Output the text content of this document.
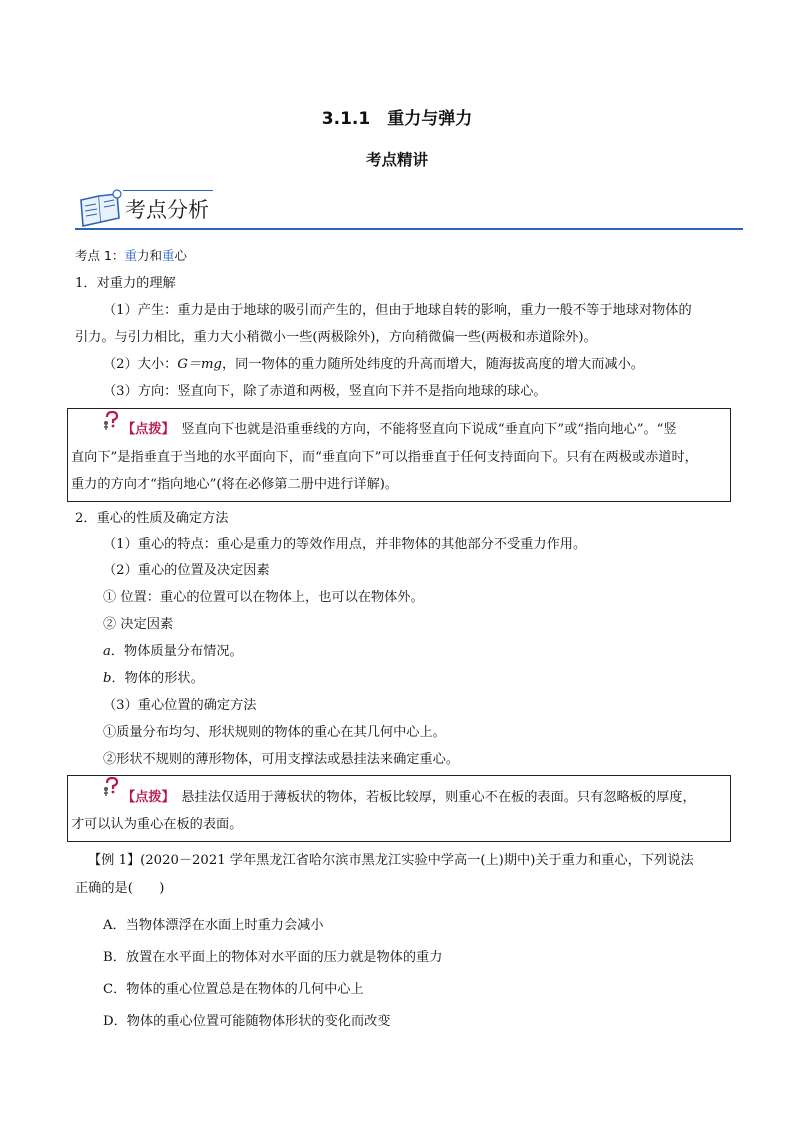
3.1.1　重力与弹力
考点精讲
考点分析
考点 1：重力和重心
1．对重力的理解
（1）产生：重力是由于地球的吸引而产生的，但由于地球自转的影响，重力一般不等于地球对物体的
引力。与引力相比，重力大小稍微小一些(两极除外)，方向稍微偏一些(两极和赤道除外)。
（2）大小：G＝mg，同一物体的重力随所处纬度的升高而增大，随海拔高度的增大而减小。
（3）方向：竖直向下，除了赤道和两极，竖直向下并不是指向地球的球心。
【点拨】　竖直向下也就是沿重垂线的方向，不能将竖直向下说成“垂直向下”或“指向地心”。“竖
直向下”是指垂直于当地的水平面向下，而“垂直向下”可以指垂直于任何支持面向下。只有在两极或赤道时，
重力的方向才“指向地心”(将在必修第二册中进行详解)。
2．重心的性质及确定方法
（1）重心的特点：重心是重力的等效作用点，并非物体的其他部分不受重力作用。
（2）重心的位置及决定因素
① 位置：重心的位置可以在物体上，也可以在物体外。
② 决定因素
a．物体质量分布情况。
b．物体的形状。
（3）重心位置的确定方法
①质量分布均匀、形状规则的物体的重心在其几何中心上。
②形状不规则的薄形物体，可用支撑法或悬挂法来确定重心。
【点拨】　悬挂法仅适用于薄板状的物体，若板比较厚，则重心不在板的表面。只有忽略板的厚度，
才可以认为重心在板的表面。
【例 1】(2020－2021 学年黑龙江省哈尔滨市黑龙江实验中学高一(上)期中)关于重力和重心，下列说法
正确的是(　　)
A．当物体漂浮在水面上时重力会减小
B．放置在水平面上的物体对水平面的压力就是物体的重力
C．物体的重心位置总是在物体的几何中心上
D．物体的重心位置可能随物体形状的变化而改变
